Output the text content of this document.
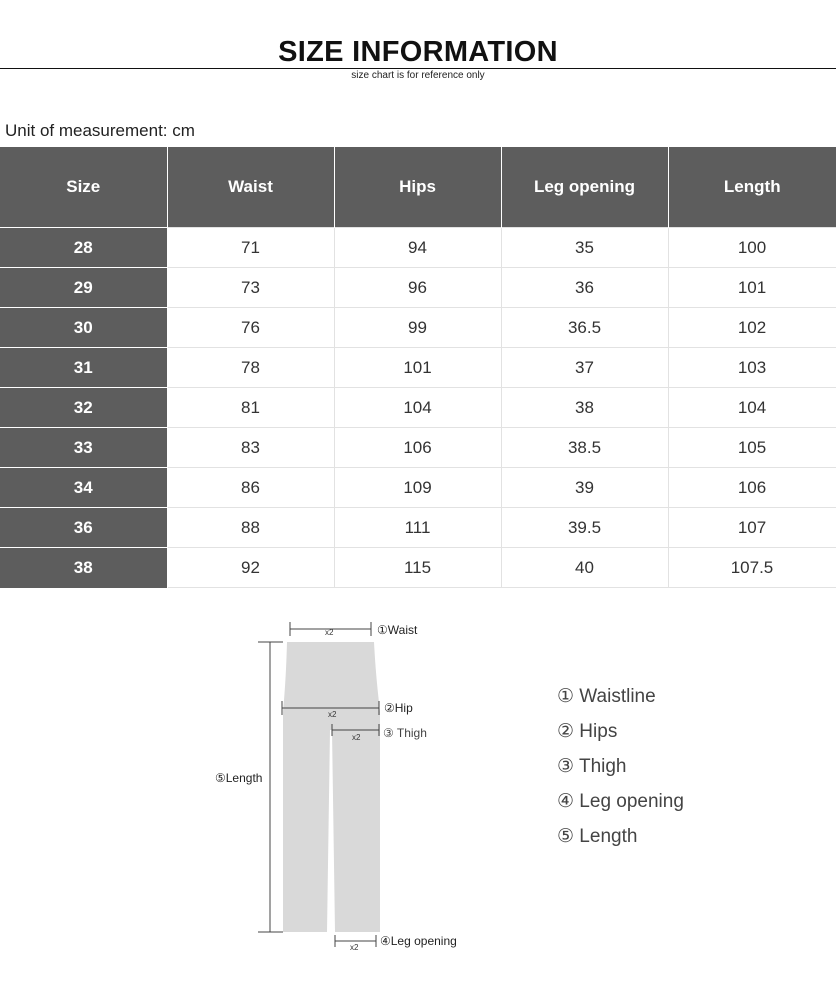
SIZE INFORMATION
size chart is for reference only
Unit of measurement: cm
Size	Waist	Hips	Leg opening	Length
28	71	94	35	100
29	73	96	36	101
30	76	99	36.5	102
31	78	101	37	103
32	81	104	38	104
33	83	106	38.5	105
34	86	109	39	106
36	88	111	39.5	107
38	92	115	40	107.5
x2	①Waist
x2	②Hip
x2 ③ Thigh
⑤Length
x2 ④Leg opening
① Waistline
② Hips
③ Thigh
④ Leg opening
⑤ Length
